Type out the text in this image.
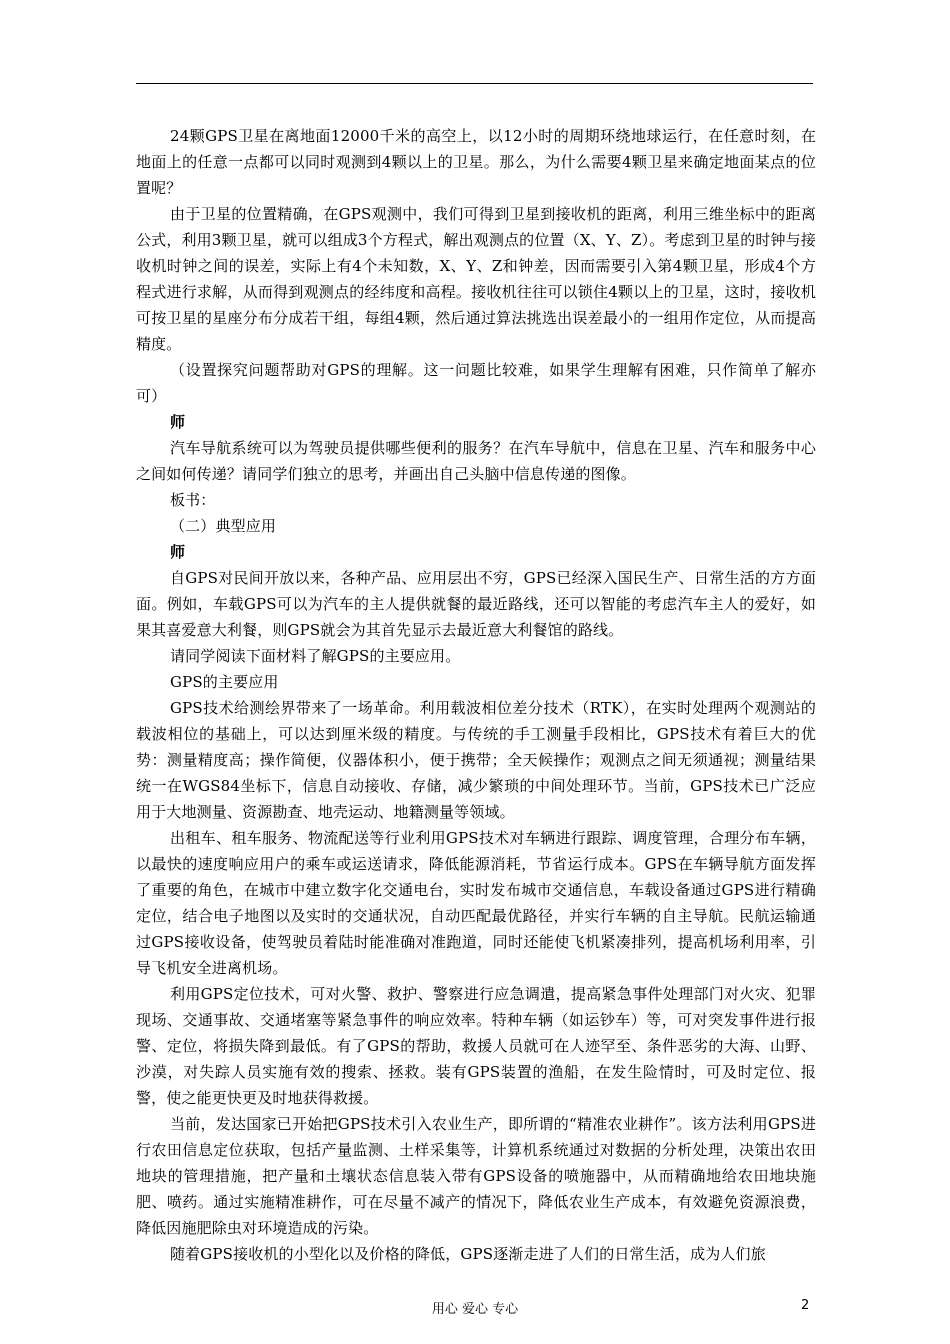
24颗GPS卫星在离地面12000千米的高空上，以12小时的周期环绕地球运行，在任意时刻，在地面上的任意一点都可以同时观测到4颗以上的卫星。那么，为什么需要4颗卫星来确定地面某点的位置呢？

由于卫星的位置精确，在GPS观测中，我们可得到卫星到接收机的距离，利用三维坐标中的距离公式，利用3颗卫星，就可以组成3个方程式，解出观测点的位置（X、Y、Z）。考虑到卫星的时钟与接收机时钟之间的误差，实际上有4个未知数，X、Y、Z和钟差，因而需要引入第4颗卫星，形成4个方程式进行求解，从而得到观测点的经纬度和高程。接收机往往可以锁住4颗以上的卫星，这时，接收机可按卫星的星座分布分成若干组，每组4颗，然后通过算法挑选出误差最小的一组用作定位，从而提高精度。

（设置探究问题帮助对GPS的理解。这一问题比较难，如果学生理解有困难，只作简单了解亦可）

师

汽车导航系统可以为驾驶员提供哪些便利的服务？在汽车导航中，信息在卫星、汽车和服务中心之间如何传递？请同学们独立的思考，并画出自己头脑中信息传递的图像。

板书：

（二）典型应用

师

自GPS对民间开放以来，各种产品、应用层出不穷，GPS已经深入国民生产、日常生活的方方面面。例如，车载GPS可以为汽车的主人提供就餐的最近路线，还可以智能的考虑汽车主人的爱好，如果其喜爱意大利餐，则GPS就会为其首先显示去最近意大利餐馆的路线。

请同学阅读下面材料了解GPS的主要应用。

GPS的主要应用

GPS技术给测绘界带来了一场革命。利用载波相位差分技术（RTK），在实时处理两个观测站的载波相位的基础上，可以达到厘米级的精度。与传统的手工测量手段相比，GPS技术有着巨大的优势：测量精度高；操作简便，仪器体积小，便于携带；全天候操作；观测点之间无须通视；测量结果统一在WGS84坐标下，信息自动接收、存储，减少繁琐的中间处理环节。当前，GPS技术已广泛应用于大地测量、资源勘查、地壳运动、地籍测量等领域。

出租车、租车服务、物流配送等行业利用GPS技术对车辆进行跟踪、调度管理，合理分布车辆，以最快的速度响应用户的乘车或运送请求，降低能源消耗，节省运行成本。GPS在车辆导航方面发挥了重要的角色，在城市中建立数字化交通电台，实时发布城市交通信息，车载设备通过GPS进行精确定位，结合电子地图以及实时的交通状况，自动匹配最优路径，并实行车辆的自主导航。民航运输通过GPS接收设备，使驾驶员着陆时能准确对准跑道，同时还能使飞机紧凑排列，提高机场利用率，引导飞机安全进离机场。

利用GPS定位技术，可对火警、救护、警察进行应急调遣，提高紧急事件处理部门对火灾、犯罪现场、交通事故、交通堵塞等紧急事件的响应效率。特种车辆（如运钞车）等，可对突发事件进行报警、定位，将损失降到最低。有了GPS的帮助，救援人员就可在人迹罕至、条件恶劣的大海、山野、沙漠，对失踪人员实施有效的搜索、拯救。装有GPS装置的渔船，在发生险情时，可及时定位、报警，使之能更快更及时地获得救援。

当前，发达国家已开始把GPS技术引入农业生产，即所谓的“精准农业耕作”。该方法利用GPS进行农田信息定位获取，包括产量监测、土样采集等，计算机系统通过对数据的分析处理，决策出农田地块的管理措施，把产量和土壤状态信息装入带有GPS设备的喷施器中，从而精确地给农田地块施肥、喷药。通过实施精准耕作，可在尽量不减产的情况下，降低农业生产成本，有效避免资源浪费，降低因施肥除虫对环境造成的污染。

随着GPS接收机的小型化以及价格的降低，GPS逐渐走进了人们的日常生活，成为人们旅

用心 爱心 专心	2
